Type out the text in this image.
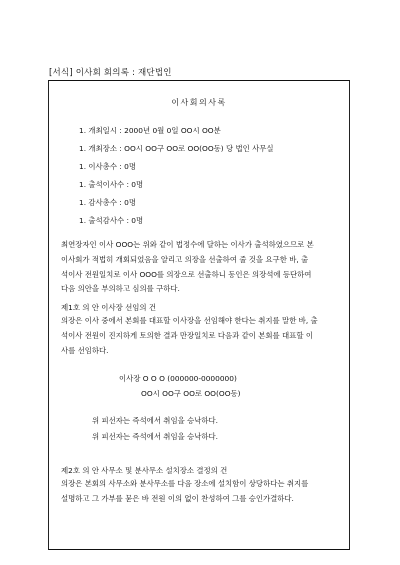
[서식] 이사회 회의록 : 재단법인
이사회의사록
1. 개최일시 : 2000년 0월 0일 OO시 OO분
1. 개최장소 : OO시 OO구 OO로 OO(OO동) 당 법인 사무실
1. 이사총수 : 0명
1. 출석이사수 : 0명
1. 감사총수 : 0명
1. 출석감사수 : 0명
최연장자인 이사 OOO는 위와 같이 법정수에 달하는 이사가 출석하였으므로 본
이사회가 적법히 개회되었음을 알리고 의장을 선출하여 줄 것을 요구한 바, 출
석이사 전원일치로 이사 OOO를 의장으로 선출하니 동인은 의장석에 등단하여
다음 의안을 부의하고 심의를 구하다.
제1호 의 안 이사장 선임의 건
의장은 이사 중에서 본회를 대표할 이사장을 선임해야 한다는 취지를 말한 바, 출
석이사 전원이 진지하게 토의한 결과 만장일치로 다음과 같이 본회를 대표할 이
사를 선임하다.
이사장 O O O (000000-0000000)
OO시 OO구 OO로 OO(OO동)
위 피선자는 즉석에서 취임을 승낙하다.
위 피선자는 즉석에서 취임을 승낙하다.
제2호 의 안 사무소 및 분사무소 설치장소 결정의 건
의장은 본회의 사무소와 분사무소를 다음 장소에 설치함이 상당하다는 취지를
설명하고 그 가부를 묻은 바 전원 이의 없이 찬성하여 그를 승인가결하다.
